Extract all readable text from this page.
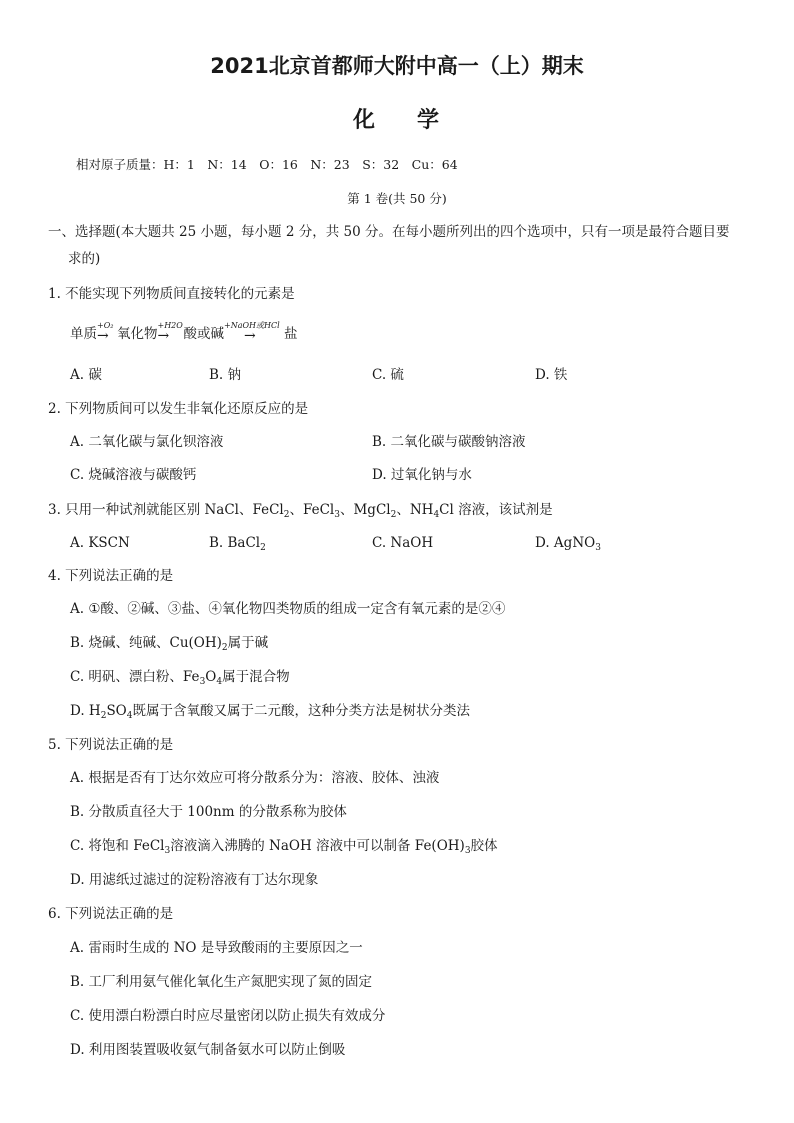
2021北京首都师大附中高一（上）期末
化 学
相对原子质量：H：1　N：14　O：16　N：23　S：32　Cu：64
第 1 卷(共 50 分)
一、选择题(本大题共 25 小题，每小题 2 分，共 50 分。在每小题所列出的四个选项中，只有一项是最符合题目要
求的)
1. 不能实现下列物质间直接转化的元素是
单质
+O₂
→ 氧化物
+H2O
→ 酸或碱
+NaOH或HCl
→ 盐
A. 碳	B. 钠	C. 硫	D. 铁
2. 下列物质间可以发生非氧化还原反应的是
A. 二氧化碳与氯化钡溶液	B. 二氧化碳与碳酸钠溶液
C. 烧碱溶液与碳酸钙	D. 过氧化钠与水
3. 只用一种试剂就能区别 NaCl、FeCl$_2$、FeCl$_3$、MgCl$_2$、$NH_4Cl$ 溶液，该试剂是
A. KSCN	B. BaCl$_2$	C. NaOH	D. AgNO$_3$
4. 下列说法正确的是
A. ①酸、②碱、③盐、④氧化物四类物质的组成一定含有氧元素的是②④
B. 烧碱、纯碱、$Cu(OH)_2$属于碱
C. 明矾、漂白粉、$Fe_3O_4$属于混合物
D. $H_2SO_4$既属于含氧酸又属于二元酸，这种分类方法是树状分类法
5. 下列说法正确的是
A. 根据是否有丁达尔效应可将分散系分为：溶液、胶体、浊液
B. 分散质直径大于 100nm 的分散系称为胶体
C. 将饱和 FeCl$_3$溶液滴入沸腾的 NaOH 溶液中可以制备 $Fe(OH)_3$胶体
D. 用滤纸过滤过的淀粉溶液有丁达尔现象
6. 下列说法正确的是
A. 雷雨时生成的 NO 是导致酸雨的主要原因之一
B. 工厂利用氨气催化氧化生产氮肥实现了氮的固定
C. 使用漂白粉漂白时应尽量密闭以防止损失有效成分
D. 利用图装置吸收氨气制备氨水可以防止倒吸
